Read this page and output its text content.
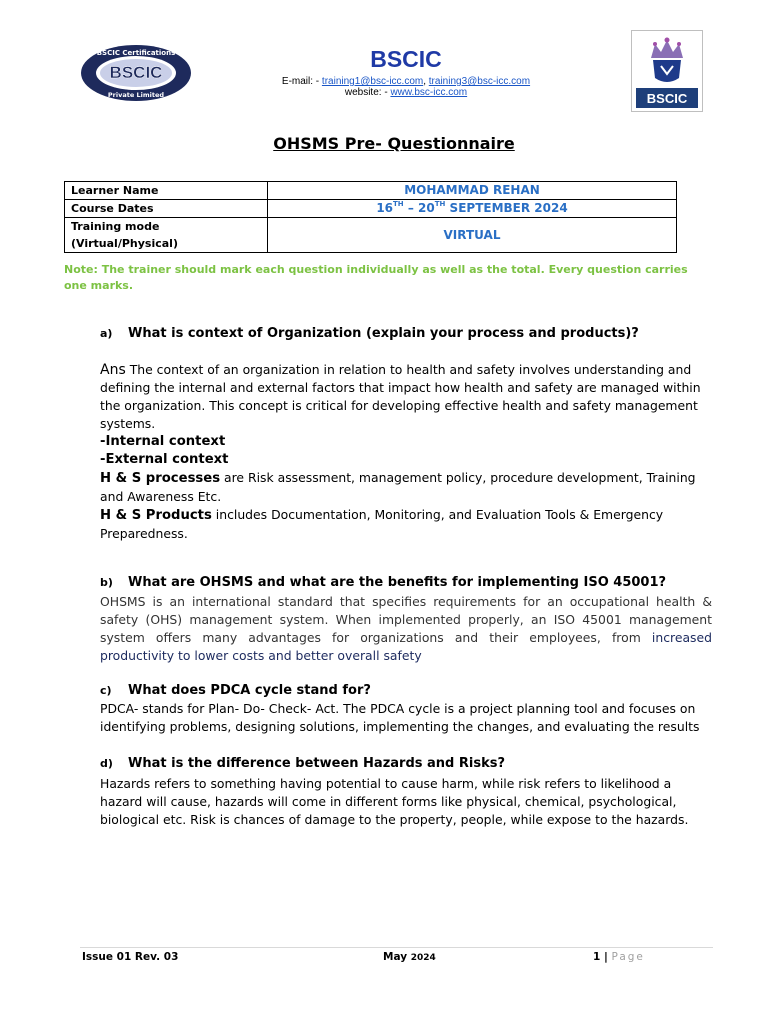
BSCIC Certifications
BSCIC
Private Limited
BSCIC
E-mail: - training1@bsc-icc.com, training3@bsc-icc.com
website: - www.bsc-icc.com	BSCIC
OHSMS Pre- Questionnaire
Learner Name	MOHAMMAD REHAN
Course Dates	16TH – 20TH SEPTEMBER 2024
Training mode (Virtual/Physical)	VIRTUAL
Note: The trainer should mark each question individually as well as the total. Every question carries one marks.
a) What is context of Organization (explain your process and products)?
Ans The context of an organization in relation to health and safety involves understanding and defining the internal and external factors that impact how health and safety are managed within the organization. This concept is critical for developing effective health and safety management systems.
-Internal context
-External context
H & S processes are Risk assessment, management policy, procedure development, Training and Awareness Etc.
H & S Products includes Documentation, Monitoring, and Evaluation Tools & Emergency Preparedness.
b) What are OHSMS and what are the benefits for implementing ISO 45001?
OHSMS is an international standard that specifies requirements for an occupational health & safety (OHS) management system. When implemented properly, an ISO 45001 management system offers many advantages for organizations and their employees, from increased productivity to lower costs and better overall safety
c) What does PDCA cycle stand for?
PDCA- stands for Plan- Do- Check- Act. The PDCA cycle is a project planning tool and focuses on identifying problems, designing solutions, implementing the changes, and evaluating the results
d) What is the difference between Hazards and Risks?
Hazards refers to something having potential to cause harm, while risk refers to likelihood a hazard will cause, hazards will come in different forms like physical, chemical, psychological, biological etc. Risk is chances of damage to the property, people, while expose to the hazards.
Issue 01 Rev. 03	May 2024	1 | Page
